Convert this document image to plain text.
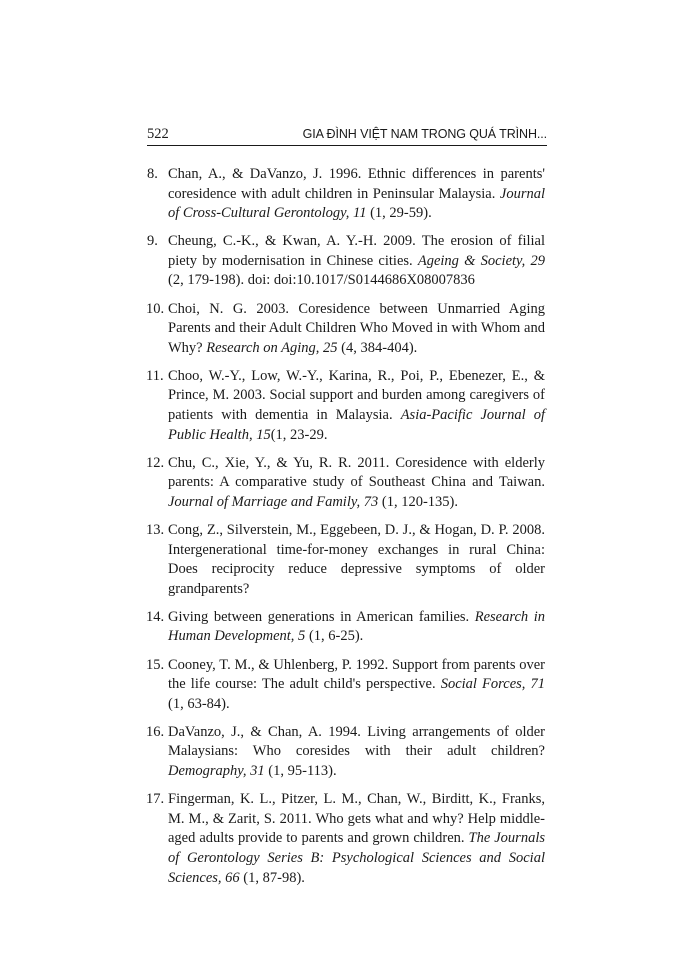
522	GIA ĐÌNH VIỆT NAM TRONG QUÁ TRÌNH...
8. Chan, A., & DaVanzo, J. 1996. Ethnic differences in parents' coresidence with adult children in Peninsular Malaysia. Journal of Cross-Cultural Gerontology, 11 (1, 29-59).
9. Cheung, C.-K., & Kwan, A. Y.-H. 2009. The erosion of filial piety by modernisation in Chinese cities. Ageing & Society, 29 (2, 179-198). doi: doi:10.1017/S0144686X08007836
10. Choi, N. G. 2003. Coresidence between Unmarried Aging Parents and their Adult Children Who Moved in with Whom and Why? Research on Aging, 25 (4, 384-404).
11. Choo, W.-Y., Low, W.-Y., Karina, R., Poi, P., Ebenezer, E., & Prince, M. 2003. Social support and burden among caregivers of patients with dementia in Malaysia. Asia-Pacific Journal of Public Health, 15(1, 23-29.
12. Chu, C., Xie, Y., & Yu, R. R. 2011. Coresidence with elderly parents: A comparative study of Southeast China and Taiwan. Journal of Marriage and Family, 73 (1, 120-135).
13. Cong, Z., Silverstein, M., Eggebeen, D. J., & Hogan, D. P. 2008. Intergenerational time-for-money exchanges in rural China: Does reciprocity reduce depressive symptoms of older grandparents?
14. Giving between generations in American families. Research in Human Development, 5 (1, 6-25).
15. Cooney, T. M., & Uhlenberg, P. 1992. Support from parents over the life course: The adult child's perspective. Social Forces, 71 (1, 63-84).
16. DaVanzo, J., & Chan, A. 1994. Living arrangements of older Malaysians: Who coresides with their adult children? Demography, 31 (1, 95-113).
17. Fingerman, K. L., Pitzer, L. M., Chan, W., Birditt, K., Franks, M. M., & Zarit, S. 2011. Who gets what and why? Help middle-aged adults provide to parents and grown children. The Journals of Gerontology Series B: Psychological Sciences and Social Sciences, 66 (1, 87-98).
